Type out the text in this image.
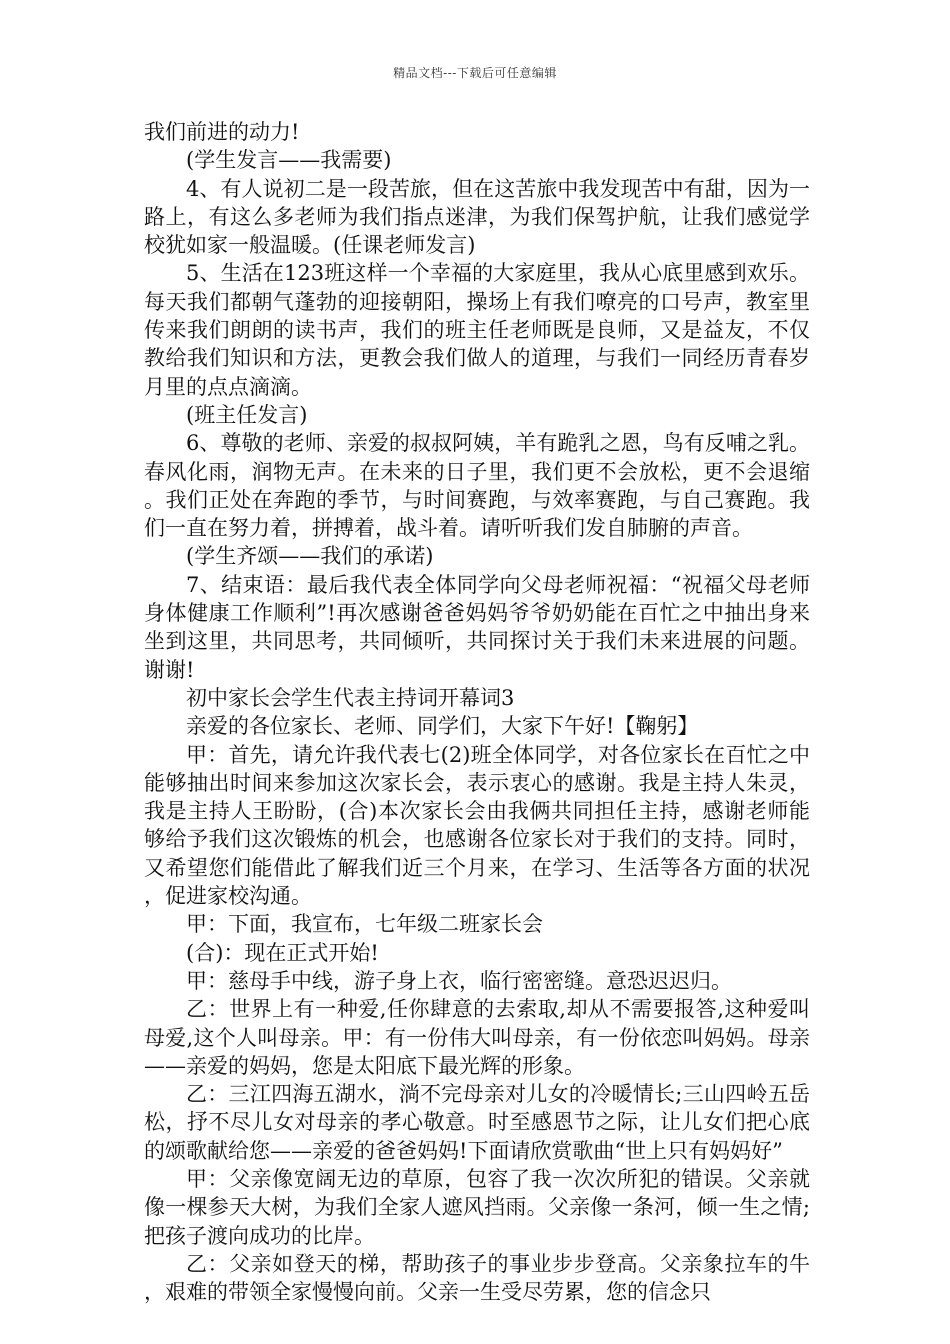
精品文档---下载后可任意编辑

我们前进的动力!

(学生发言——我需要)

4、有人说初二是一段苦旅，但在这苦旅中我发现苦中有甜，因为一路上，有这么多老师为我们指点迷津，为我们保驾护航，让我们感觉学校犹如家一般温暖。(任课老师发言)

5、生活在123班这样一个幸福的大家庭里，我从心底里感到欢乐。每天我们都朝气蓬勃的迎接朝阳，操场上有我们嘹亮的口号声，教室里传来我们朗朗的读书声，我们的班主任老师既是良师，又是益友，不仅教给我们知识和方法，更教会我们做人的道理，与我们一同经历青春岁月里的点点滴滴。

(班主任发言)

6、尊敬的老师、亲爱的叔叔阿姨，羊有跪乳之恩，鸟有反哺之乳。春风化雨，润物无声。在未来的日子里，我们更不会放松，更不会退缩。我们正处在奔跑的季节，与时间赛跑，与效率赛跑，与自己赛跑。我们一直在努力着，拼搏着，战斗着。请听听我们发自肺腑的声音。

(学生齐颂——我们的承诺)

7、结束语：最后我代表全体同学向父母老师祝福：“祝福父母老师身体健康工作顺利”!再次感谢爸爸妈妈爷爷奶奶能在百忙之中抽出身来坐到这里，共同思考，共同倾听，共同探讨关于我们未来进展的问题。谢谢!

初中家长会学生代表主持词开幕词3

亲爱的各位家长、老师、同学们，大家下午好!【鞠躬】

甲：首先，请允许我代表七(2)班全体同学，对各位家长在百忙之中能够抽出时间来参加这次家长会，表示衷心的感谢。我是主持人朱灵，我是主持人王盼盼，(合)本次家长会由我俩共同担任主持，感谢老师能够给予我们这次锻炼的机会，也感谢各位家长对于我们的支持。同时，又希望您们能借此了解我们近三个月来，在学习、生活等各方面的状况，促进家校沟通。

甲：下面，我宣布，七年级二班家长会

(合)：现在正式开始!

甲：慈母手中线，游子身上衣，临行密密缝。意恐迟迟归。

乙：世界上有一种爱,任你肆意的去索取,却从不需要报答,这种爱叫母爱,这个人叫母亲。甲：有一份伟大叫母亲，有一份依恋叫妈妈。母亲——亲爱的妈妈，您是太阳底下最光辉的形象。

乙：三江四海五湖水，淌不完母亲对儿女的冷暖情长;三山四岭五岳松，抒不尽儿女对母亲的孝心敬意。时至感恩节之际，让儿女们把心底的颂歌献给您——亲爱的爸爸妈妈!下面请欣赏歌曲“世上只有妈妈好”

甲：父亲像宽阔无边的草原，包容了我一次次所犯的错误。父亲就像一棵参天大树，为我们全家人遮风挡雨。父亲像一条河，倾一生之情;把孩子渡向成功的比岸。

乙：父亲如登天的梯，帮助孩子的事业步步登高。父亲象拉车的牛，艰难的带领全家慢慢向前。父亲一生受尽劳累，您的信念只
